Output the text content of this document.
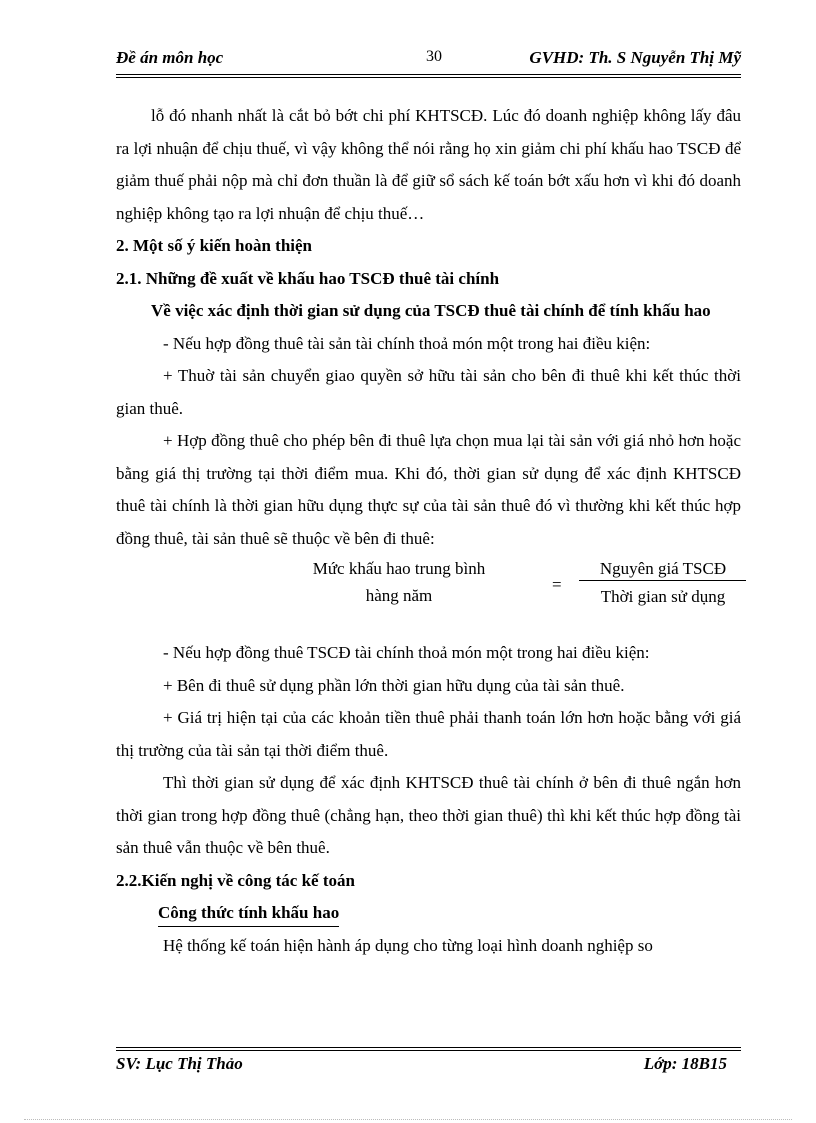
Đề án môn học	30	GVHD: Th. S Nguyễn Thị Mỹ

lỗ đó nhanh nhất là cắt bỏ bớt chi phí KHTSCĐ. Lúc đó doanh nghiệp không lấy đâu ra lợi nhuận để chịu thuế, vì vậy không thể nói rằng họ xin giảm chi phí khấu hao TSCĐ để giảm thuế phải nộp mà chỉ đơn thuần là để giữ sổ sách kế toán bớt xấu hơn vì khi đó doanh nghiệp không tạo ra lợi nhuận để chịu thuế…

2. Một số ý kiến hoàn thiện

2.1. Những đề xuất về khấu hao TSCĐ thuê tài chính

Về việc xác định thời gian sử dụng của TSCĐ thuê tài chính để tính khấu hao

- Nếu hợp đồng thuê tài sản tài chính thoả món một trong hai điều kiện:

+ Thuờ tài sản chuyển giao quyền sở hữu tài sản cho bên đi thuê khi kết thúc thời gian thuê.

+ Hợp đồng thuê cho phép bên đi thuê lựa chọn mua lại tài sản với giá nhỏ hơn hoặc bằng giá thị trường tại thời điểm mua. Khi đó, thời gian sử dụng để xác định KHTSCĐ thuê tài chính là thời gian hữu dụng thực sự của tài sản thuê đó vì thường khi kết thúc hợp đồng thuê, tài sản thuê sẽ thuộc về bên đi thuê:

Mức khấu hao trung bình
hàng năm
=
Nguyên giá TSCĐ
Thời gian sử dụng

- Nếu hợp đồng thuê TSCĐ tài chính thoả món một trong hai điều kiện:

+ Bên đi thuê sử dụng phần lớn thời gian hữu dụng của tài sản thuê.

+ Giá trị hiện tại của các khoản tiền thuê phải thanh toán lớn hơn hoặc bằng với giá thị trường của tài sản tại thời điểm thuê.

Thì thời gian sử dụng để xác định KHTSCĐ thuê tài chính ở bên đi thuê ngắn hơn thời gian trong hợp đồng thuê (chẳng hạn, theo thời gian thuê) thì khi kết thúc hợp đồng tài sản thuê vẫn thuộc về bên thuê.

2.2.Kiến nghị về công tác kế toán

Công thức tính khấu hao

Hệ thống kế toán hiện hành áp dụng cho từng loại hình doanh nghiệp so

SV: Lục Thị Thảo	Lớp: 18B15
